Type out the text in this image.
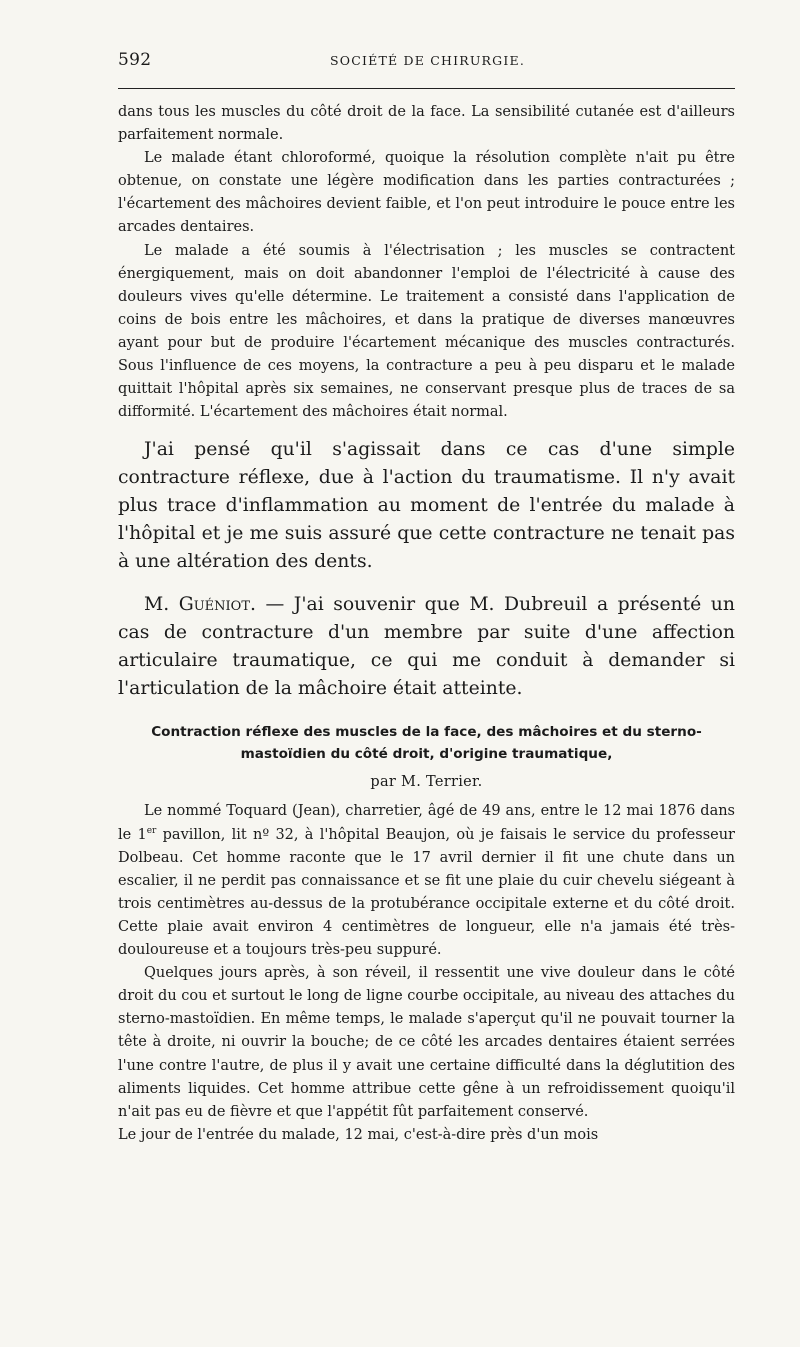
592	SOCIÉTÉ DE CHIRURGIE.

dans tous les muscles du côté droit de la face. La sensibilité cutanée est d'ailleurs parfaitement normale.

Le malade étant chloroformé, quoique la résolution complète n'ait pu être obtenue, on constate une légère modification dans les parties contracturées ; l'écartement des mâchoires devient faible, et l'on peut introduire le pouce entre les arcades dentaires.

Le malade a été soumis à l'électrisation ; les muscles se contractent énergiquement, mais on doit abandonner l'emploi de l'électricité à cause des douleurs vives qu'elle détermine. Le traitement a consisté dans l'application de coins de bois entre les mâchoires, et dans la pratique de diverses manœuvres ayant pour but de produire l'écartement mécanique des muscles contracturés. Sous l'influence de ces moyens, la contracture a peu à peu disparu et le malade quittait l'hôpital après six semaines, ne conservant presque plus de traces de sa difformité. L'écartement des mâchoires était normal.

J'ai pensé qu'il s'agissait dans ce cas d'une simple contracture réflexe, due à l'action du traumatisme. Il n'y avait plus trace d'inflammation au moment de l'entrée du malade à l'hôpital et je me suis assuré que cette contracture ne tenait pas à une altération des dents.

M. Guéniot. — J'ai souvenir que M. Dubreuil a présenté un cas de contracture d'un membre par suite d'une affection articulaire traumatique, ce qui me conduit à demander si l'articulation de la mâchoire était atteinte.

Contraction réflexe des muscles de la face, des mâchoires et du sterno-
mastoïdien du côté droit, d'origine traumatique,
par M. Terrier.

Le nommé Toquard (Jean), charretier, âgé de 49 ans, entre le 12 mai 1876 dans le 1er pavillon, lit nº 32, à l'hôpital Beaujon, où je faisais le service du professeur Dolbeau. Cet homme raconte que le 17 avril dernier il fit une chute dans un escalier, il ne perdit pas connaissance et se fit une plaie du cuir chevelu siégeant à trois centimètres au-dessus de la protubérance occipitale externe et du côté droit. Cette plaie avait environ 4 centimètres de longueur, elle n'a jamais été très-douloureuse et a toujours très-peu suppuré.

Quelques jours après, à son réveil, il ressentit une vive douleur dans le côté droit du cou et surtout le long de ligne courbe occipitale, au niveau des attaches du sterno-mastoïdien. En même temps, le malade s'aperçut qu'il ne pouvait tourner la tête à droite, ni ouvrir la bouche; de ce côté les arcades dentaires étaient serrées l'une contre l'autre, de plus il y avait une certaine difficulté dans la déglutition des aliments liquides. Cet homme attribue cette gêne à un refroidissement quoiqu'il n'ait pas eu de fièvre et que l'appétit fût parfaitement conservé.

Le jour de l'entrée du malade, 12 mai, c'est-à-dire près d'un mois
